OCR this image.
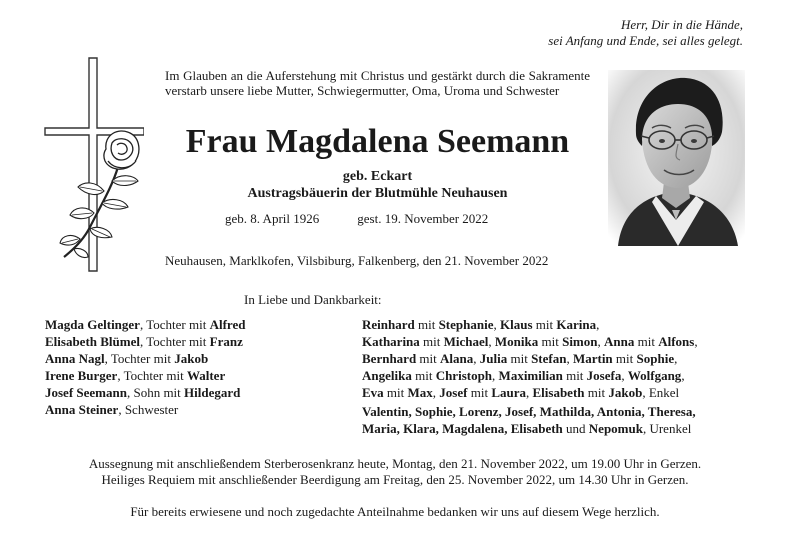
Herr, Dir in die Hände,
sei Anfang und Ende, sei alles gelegt.
Im Glauben an die Auferstehung mit Christus und gestärkt durch die Sakramente verstarb unsere liebe Mutter, Schwiegermutter, Oma, Uroma und Schwester
Frau Magdalena Seemann
geb. Eckart
Austragsbäuerin der Blutmühle Neuhausen
geb. 8. April 1926	gest. 19. November 2022
Neuhausen, Marklkofen, Vilsbiburg, Falkenberg, den 21. November 2022
In Liebe und Dankbarkeit:
Magda Geltinger, Tochter mit Alfred
Elisabeth Blümel, Tochter mit Franz
Anna Nagl, Tochter mit Jakob
Irene Burger, Tochter mit Walter
Josef Seemann, Sohn mit Hildegard
Anna Steiner, Schwester
Reinhard mit Stephanie, Klaus mit Karina,
Katharina mit Michael, Monika mit Simon, Anna mit Alfons,
Bernhard mit Alana, Julia mit Stefan, Martin mit Sophie,
Angelika mit Christoph, Maximilian mit Josefa, Wolfgang,
Eva mit Max, Josef mit Laura, Elisabeth mit Jakob, Enkel
Valentin, Sophie, Lorenz, Josef, Mathilda, Antonia, Theresa,
Maria, Klara, Magdalena, Elisabeth und Nepomuk, Urenkel
Aussegnung mit anschließendem Sterberosenkranz heute, Montag, den 21. November 2022, um 19.00 Uhr in Gerzen.
Heiliges Requiem mit anschließender Beerdigung am Freitag, den 25. November 2022, um 14.30 Uhr in Gerzen.
Für bereits erwiesene und noch zugedachte Anteilnahme bedanken wir uns auf diesem Wege herzlich.
